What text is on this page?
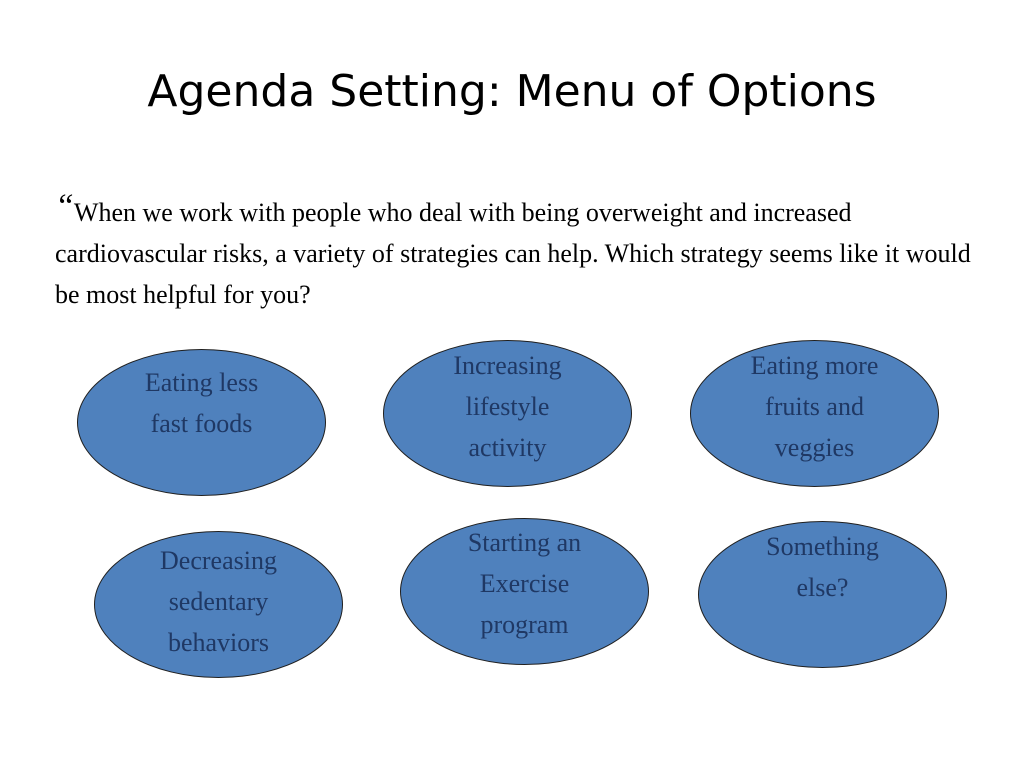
Agenda Setting: Menu of Options
“When we work with people who deal with being overweight and increased cardiovascular risks, a variety of strategies can help. Which strategy seems like it would be most helpful for you?
Eating less
fast foods
Increasing
lifestyle
activity
Eating more
fruits and
veggies
Decreasing
sedentary
behaviors
Starting an
Exercise
program
Something
else?
